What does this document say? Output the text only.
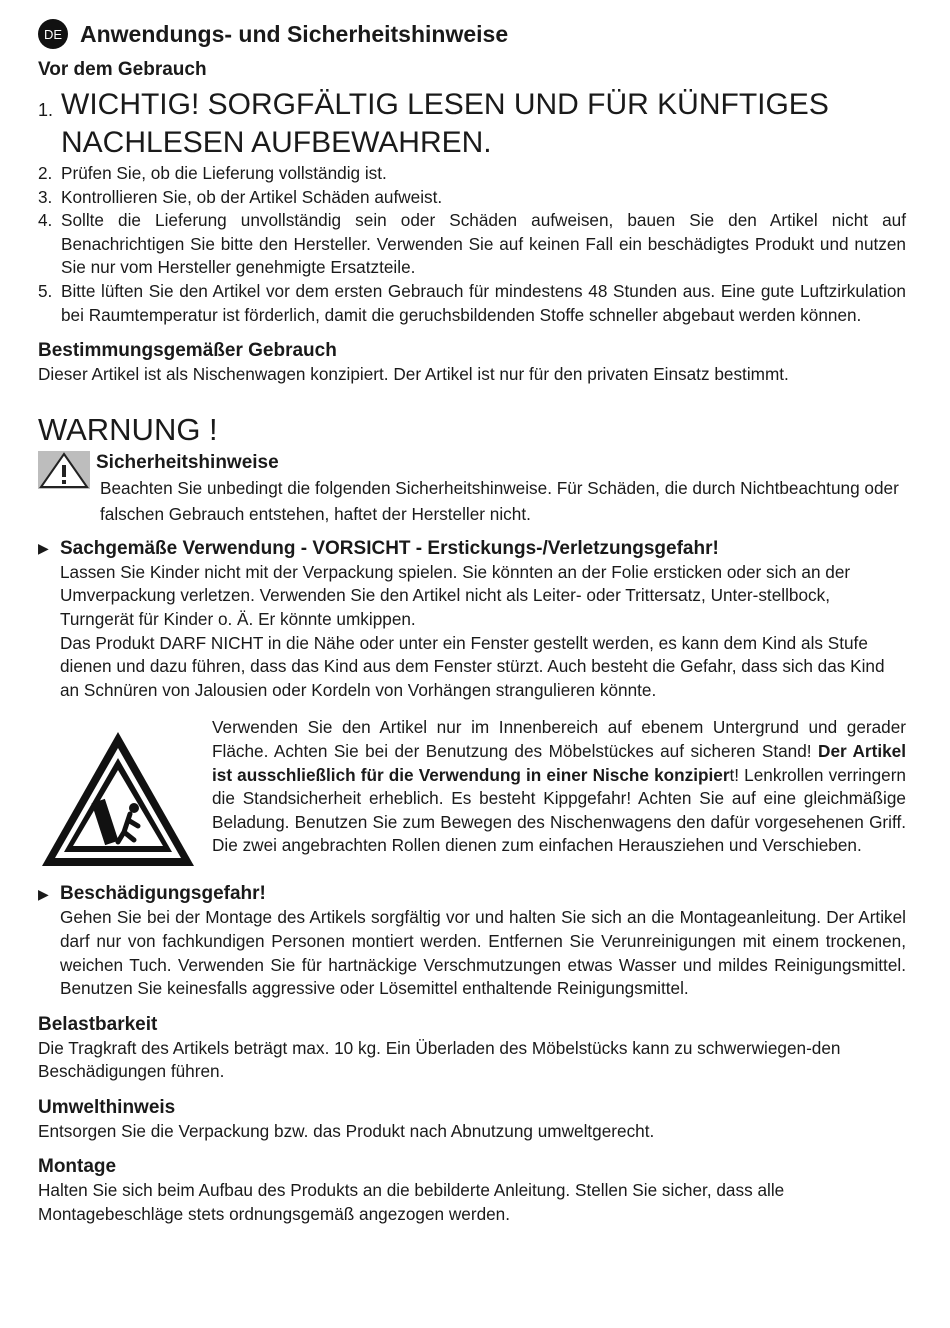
DE Anwendungs- und Sicherheitshinweise
Vor dem Gebrauch
1. WICHTIG! SORGFÄLTIG LESEN UND FÜR KÜNFTIGES NACHLESEN AUFBEWAHREN.
2. Prüfen Sie, ob die Lieferung vollständig ist.
3. Kontrollieren Sie, ob der Artikel Schäden aufweist.
4. Sollte die Lieferung unvollständig sein oder Schäden aufweisen, bauen Sie den Artikel nicht auf Benachrichtigen Sie bitte den Hersteller. Verwenden Sie auf keinen Fall ein beschädigtes Produkt und nutzen Sie nur vom Hersteller genehmigte Ersatzteile.
5. Bitte lüften Sie den Artikel vor dem ersten Gebrauch für mindestens 48 Stunden aus. Eine gute Luftzirkulation bei Raumtemperatur ist förderlich, damit die geruchsbildenden Stoffe schneller abgebaut werden können.
Bestimmungsgemäßer Gebrauch

Dieser Artikel ist als Nischenwagen konzipiert. Der Artikel ist nur für den privaten Einsatz bestimmt.

WARNUNG !
Sicherheitshinweise

Beachten Sie unbedingt die folgenden Sicherheitshinweise. Für Schäden, die durch Nichtbeachtung oder falschen Gebrauch entstehen, haftet der Hersteller nicht.

▶ Sachgemäße Verwendung - VORSICHT - Erstickungs-/Verletzungsgefahr!

Lassen Sie Kinder nicht mit der Verpackung spielen. Sie könnten an der Folie ersticken oder sich an der Umverpackung verletzen. Verwenden Sie den Artikel nicht als Leiter- oder Trittersatz, Unter-stellbock, Turngerät für Kinder o. Ä. Er könnte umkippen.

Das Produkt DARF NICHT in die Nähe oder unter ein Fenster gestellt werden, es kann dem Kind als Stufe dienen und dazu führen, dass das Kind aus dem Fenster stürzt. Auch besteht die Gefahr, dass sich das Kind an Schnüren von Jalousien oder Kordeln von Vorhängen strangulieren könnte.

Verwenden Sie den Artikel nur im Innenbereich auf ebenem Untergrund und gerader Fläche. Achten Sie bei der Benutzung des Möbelstückes auf sicheren Stand! Der Artikel ist ausschließlich für die Verwendung in einer Nische konzipiert! Lenkrollen verringern die Standsicherheit erheblich. Es besteht Kippgefahr! Achten Sie auf eine gleichmäßige Beladung. Benutzen Sie zum Bewegen des Nischenwagens den dafür vorgesehenen Griff. Die zwei angebrachten Rollen dienen zum einfachen Herausziehen und Verschieben.

▶ Beschädigungsgefahr!

Gehen Sie bei der Montage des Artikels sorgfältig vor und halten Sie sich an die Montageanleitung. Der Artikel darf nur von fachkundigen Personen montiert werden. Entfernen Sie Verunreinigungen mit einem trockenen, weichen Tuch. Verwenden Sie für hartnäckige Verschmutzungen etwas Wasser und mildes Reinigungsmittel. Benutzen Sie keinesfalls aggressive oder Lösemittel enthaltende Reinigungsmittel.

Belastbarkeit

Die Tragkraft des Artikels beträgt max. 10 kg. Ein Überladen des Möbelstücks kann zu schwerwiegen-den Beschädigungen führen.

Umwelthinweis

Entsorgen Sie die Verpackung bzw. das Produkt nach Abnutzung umweltgerecht.

Montage

Halten Sie sich beim Aufbau des Produkts an die bebilderte Anleitung. Stellen Sie sicher, dass alle Montagebeschläge stets ordnungsgemäß angezogen werden.
